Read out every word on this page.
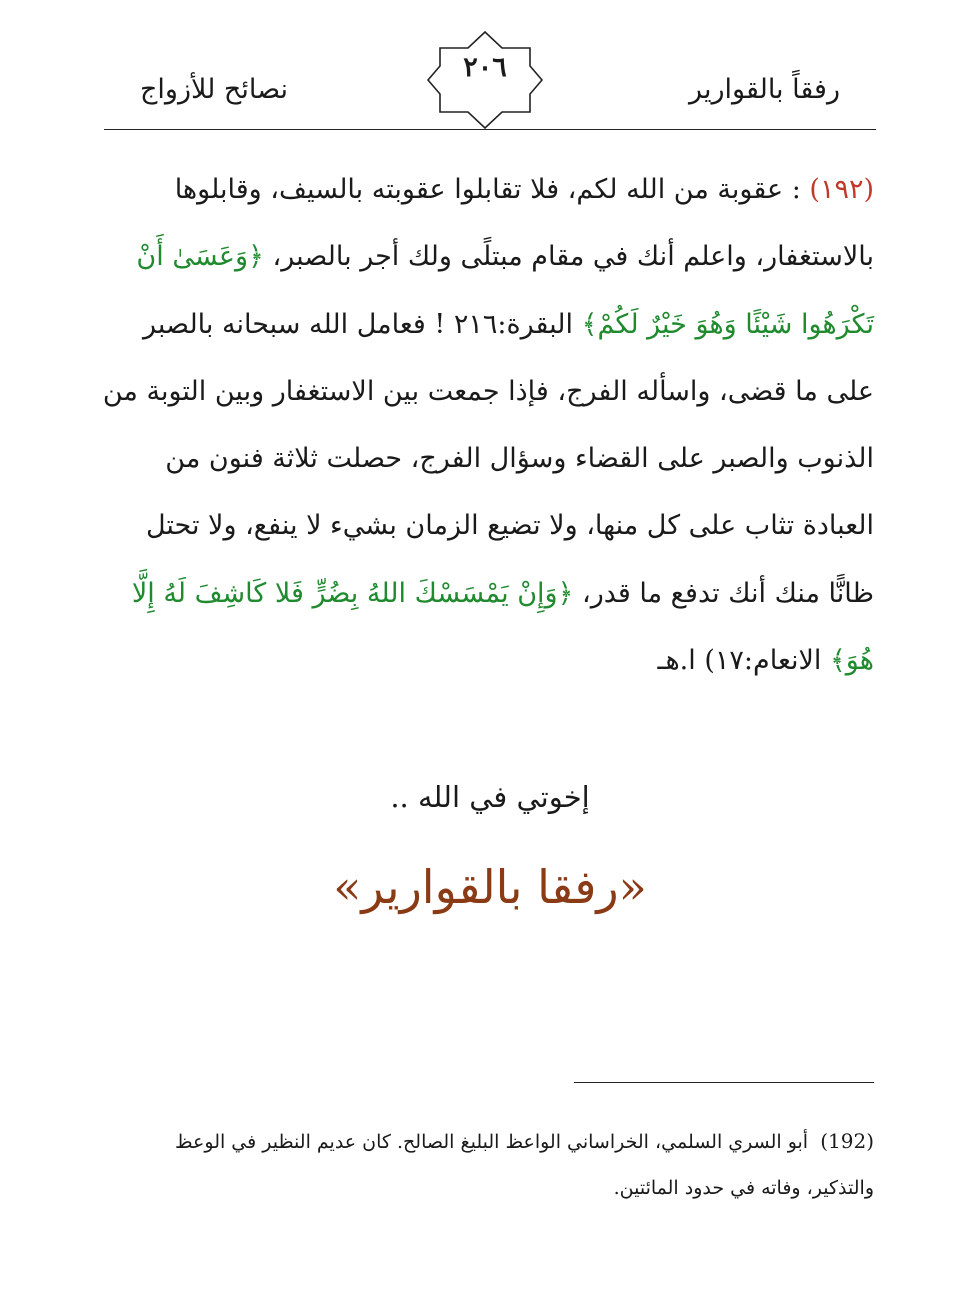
رفقاً بالقوارير
نصائح للأزواج
٢٠٦
(١٩٢) : عقوبة من الله لكم، فلا تقابلوا عقوبته بالسيف، وقابلوها
بالاستغفار، واعلم أنك في مقام مبتلًى ولك أجر بالصبر، ﴿وَعَسَىٰ أَنْ
تَكْرَهُوا شَيْئًا وَهُوَ خَيْرٌ لَكُمْ﴾ البقرة:٢١٦ ! فعامل الله سبحانه بالصبر
على ما قضى، واسأله الفرج، فإذا جمعت بين الاستغفار وبين التوبة من
الذنوب والصبر على القضاء وسؤال الفرج، حصلت ثلاثة فنون من
العبادة تثاب على كل منها، ولا تضيع الزمان بشيء لا ينفع، ولا تحتل
ظانًّا منك أنك تدفع ما قدر، ﴿وَإِنْ يَمْسَسْكَ اللهُ بِضُرٍّ فَلا كَاشِفَ لَهُ إِلَّا
هُوَ﴾ الانعام:١٧) ا.هـ
إخوتي في الله ..
«رفقا بالقوارير»
(192)  أبو السري السلمي، الخراساني الواعظ البليغ الصالح. كان عديم النظير في الوعظ
والتذكير، وفاته في حدود المائتين.
